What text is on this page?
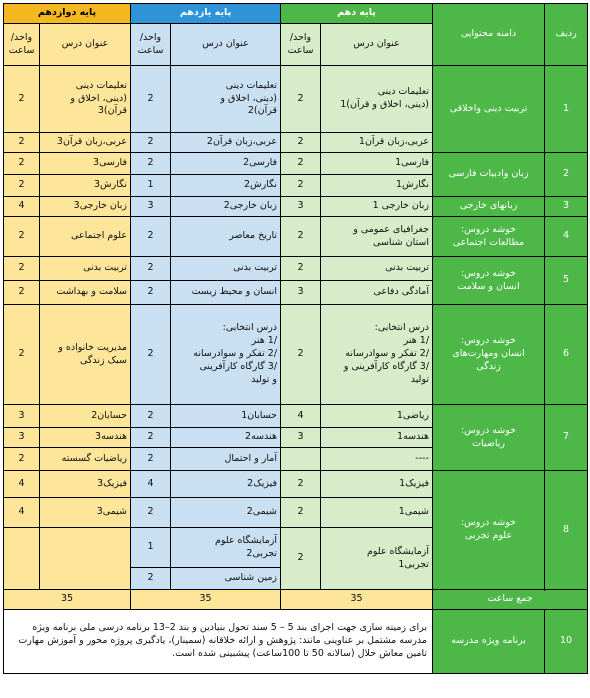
ردیف	دامنه محتوایی	پایه دهم		پایه یازدهم		پایه دوازدهم	
		عنوان درس	واحد/ ساعت	عنوان درس	واحد/ ساعت	عنوان درس	واحد/ ساعت
1	تربیت دینی واخلاقی	تعلیمات دینی
(دینی، اخلاق و قرآن)1	2	تعلیمات دینی
(دینی، اخلاق و
قرآن)2	2	تعلیمات دینی
(دینی، اخلاق و
قرآن)3	2
		عربی،زبان قرآن1	2	عربی،زبان قرآن2	2	عربی،زبان قرآن3	2
2	زبان وادبیات فارسی	فارسی1	2	فارسی2	2	فارسی3	2
		نگارش1	2	نگارش2	1	نگارش3	2
3	زبانهای خارجی	زبان خارجی 1	3	زبان خارجی2	3	زبان خارجی3	4
4	خوشه دروس:
مطالعات اجتماعی	جغرافیای عمومی و
استان شناسی	2	تاریخ معاصر	2	علوم اجتماعی	2
5	خوشه دروس:
انسان و سلامت	تربیت بدنی	2	تربیت بدنی	2	تربیت بدنی	2
		آمادگی دفاعی	3	انسان و محیط زیست	2	سلامت و بهداشت	2
6	خوشه دروس:
انسان ومهارت‌های
زندگی	درس انتخابی:
/1 هنر
/2 تفکر و سوادرسانه
/3 گارگاه کارآفرینی و
تولید	2	درس انتخابی:
/1 هنر
/2 تفکر و سوادرسانه
/3 گارگاه کارآفرینی
و تولید	2	مدیریت خانواده و
سبک زندگی	2
7	خوشه دروس:
ریاضیات	ریاضی1	4	حسابان1	2	حسابان2	3
		هندسه1	3	هندسه2	2	هندسه3	3
		----		آمار و احتمال	2	ریاضیات گسسته	2
8	خوشه دروس:
علوم تجربی	فیزیک1	2	فیزیک2	4	فیزیک3	4
		شیمی1	2	شیمی2	2	شیمی3	4
		آزمایشگاه علوم
تجربی1	2	آزمایشگاه علوم
تجربی2	1		
				زمین شناسی	2		

جمع ساعت		35		35		35	
10	برنامه ویژه مدرسه	برای زمینه سازی جهت اجرای بند 5 – 5 سند تحول بنیادین و بند 2–13 برنامه درسی ملی برنامه ویژه مدرسه مشتمل بر عناوینی مانند: پژوهش و ارائه خلاقانه (سمینار)، یادگیری پروژه محور و آموزش مهارت تامین معاش حلال (سالانه 50 تا 100ساعت) پیشبینی شده است.					
